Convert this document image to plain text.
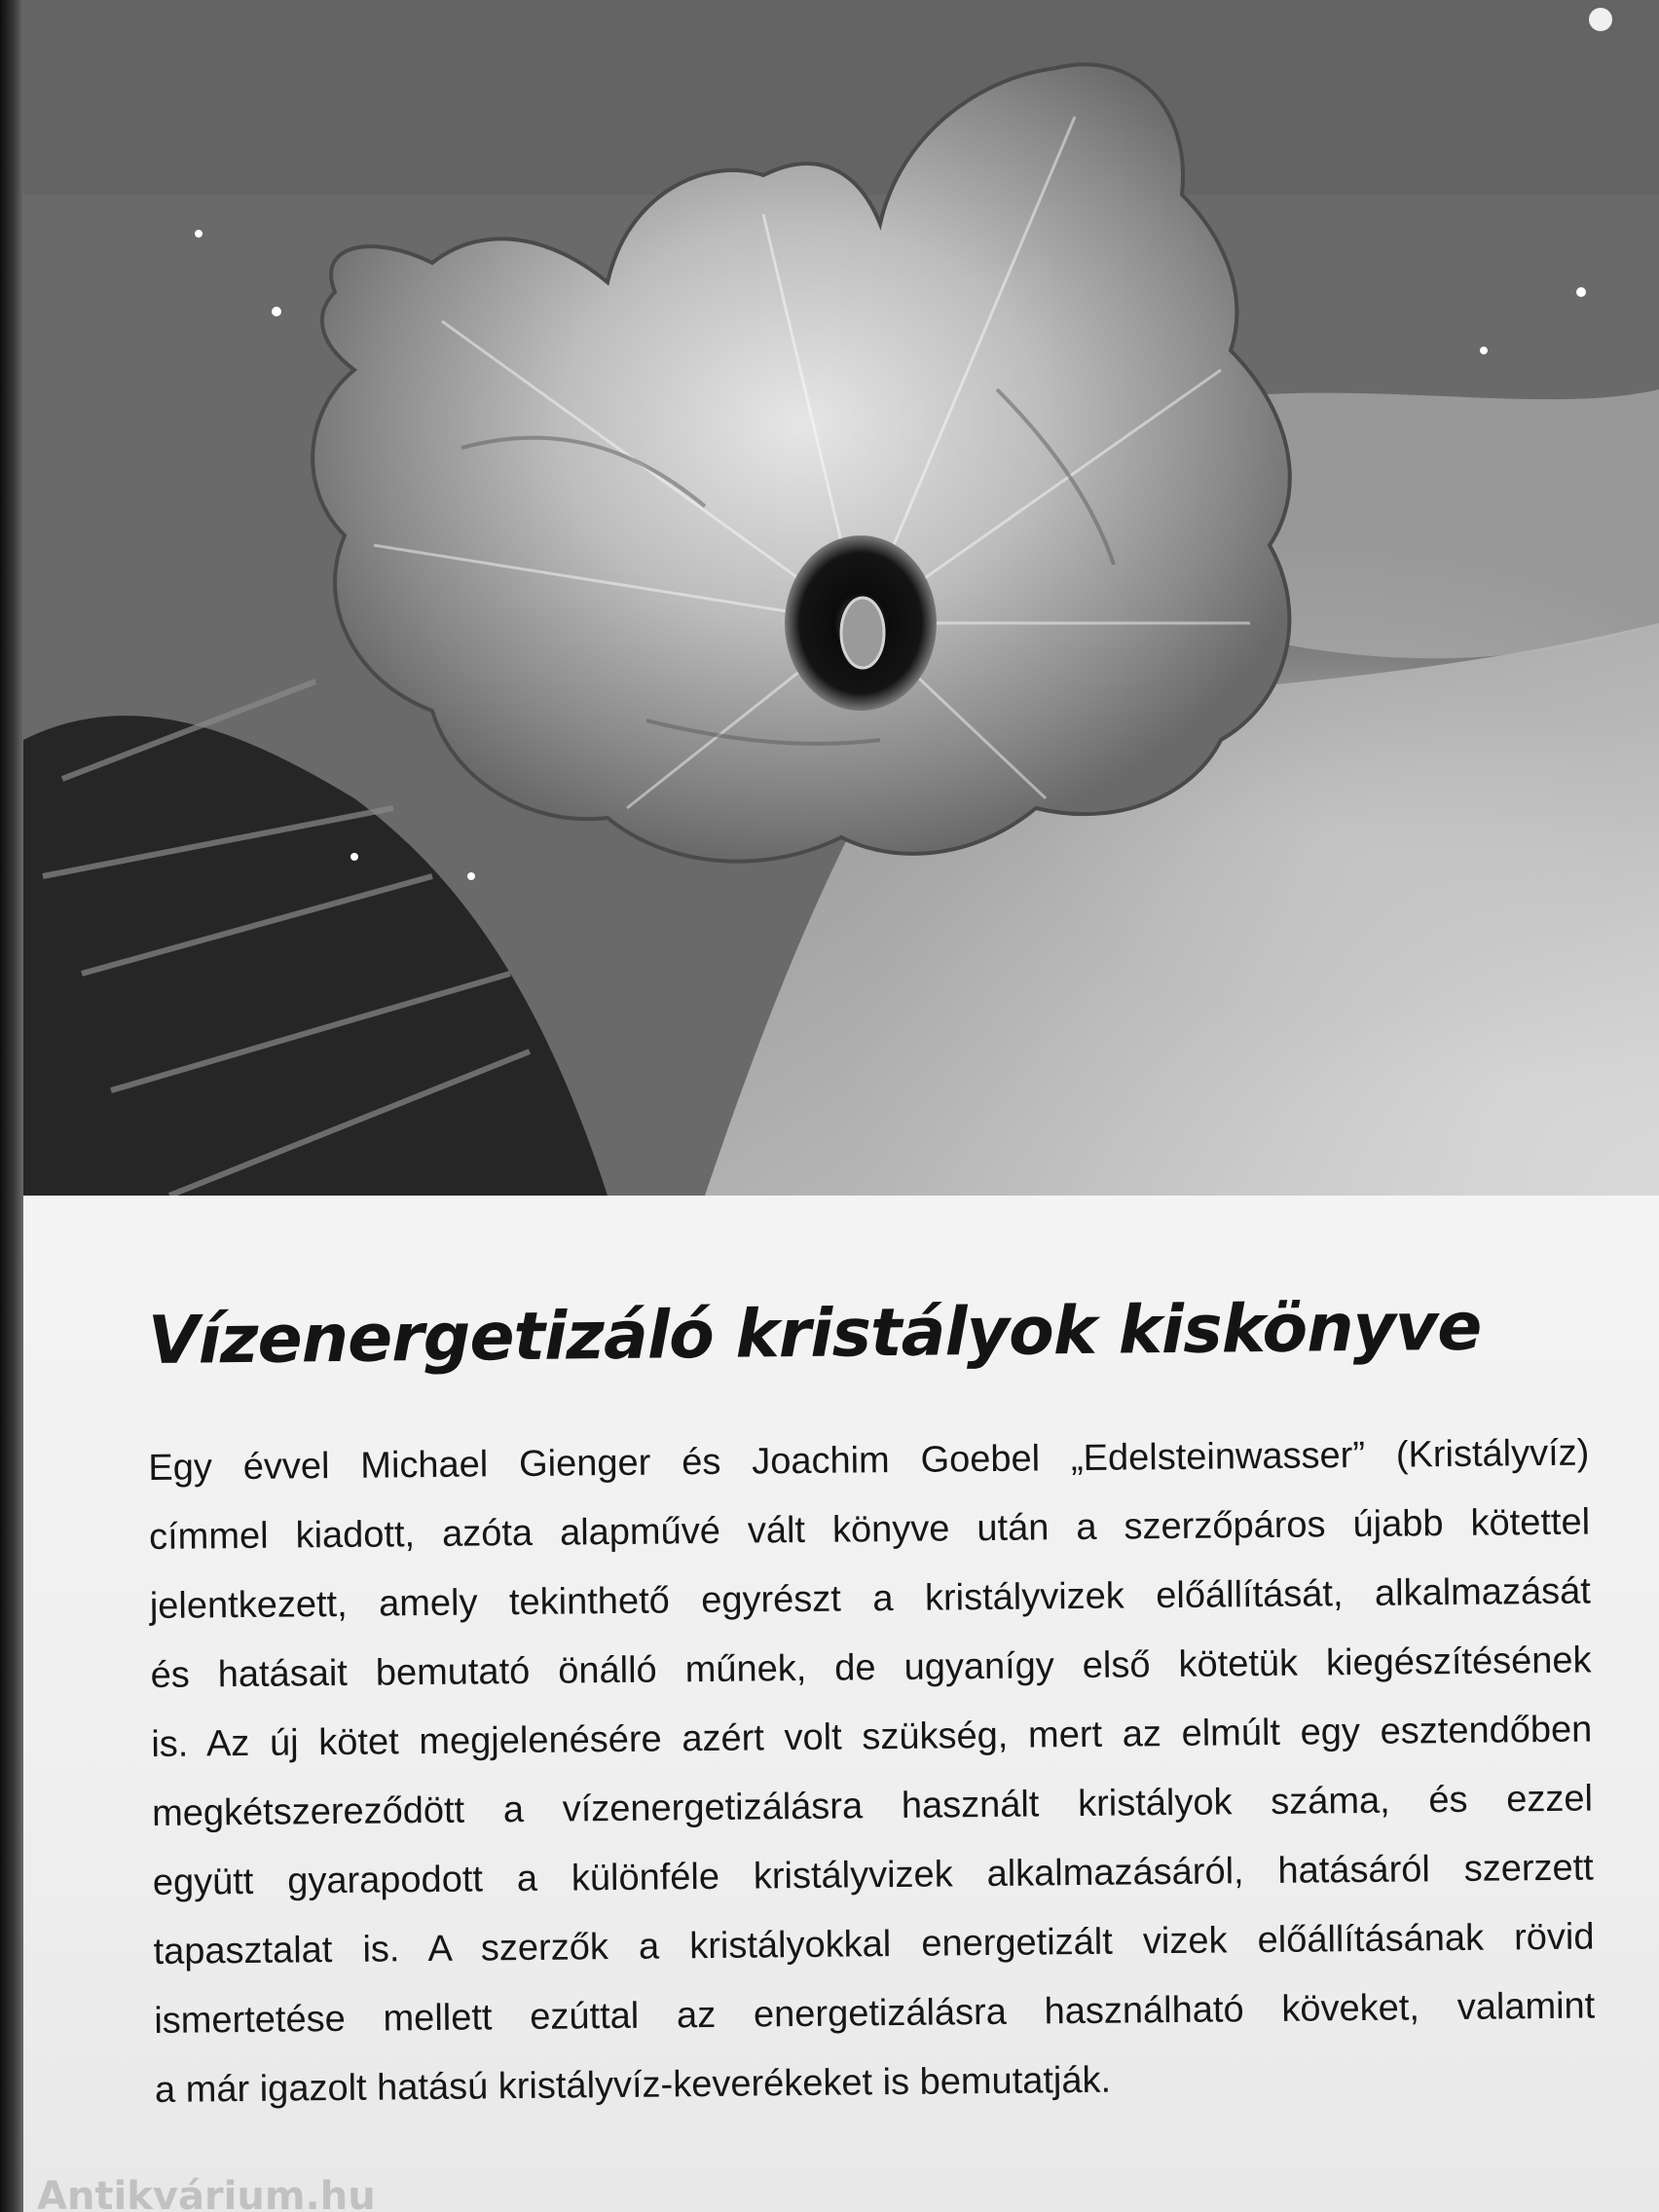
Vízenergetizáló kristályok kiskönyve
Egy évvel Michael Gienger és Joachim Goebel „Edelsteinwasser” (Kristályvíz)
címmel kiadott, azóta alapművé vált könyve után a szerzőpáros újabb kötettel
jelentkezett, amely tekinthető egyrészt a kristályvizek előállítását, alkalmazását
és hatásait bemutató önálló műnek, de ugyanígy első kötetük kiegészítésének
is. Az új kötet megjelenésére azért volt szükség, mert az elmúlt egy esztendőben
megkétszereződött a vízenergetizálásra használt kristályok száma, és ezzel
együtt gyarapodott a különféle kristályvizek alkalmazásáról, hatásáról szerzett
tapasztalat is. A szerzők a kristályokkal energetizált vizek előállításának rövid
ismertetése mellett ezúttal az energetizálásra használható köveket, valamint
a már igazolt hatású kristályvíz-keverékeket is bemutatják.

Antikvárium.hu
